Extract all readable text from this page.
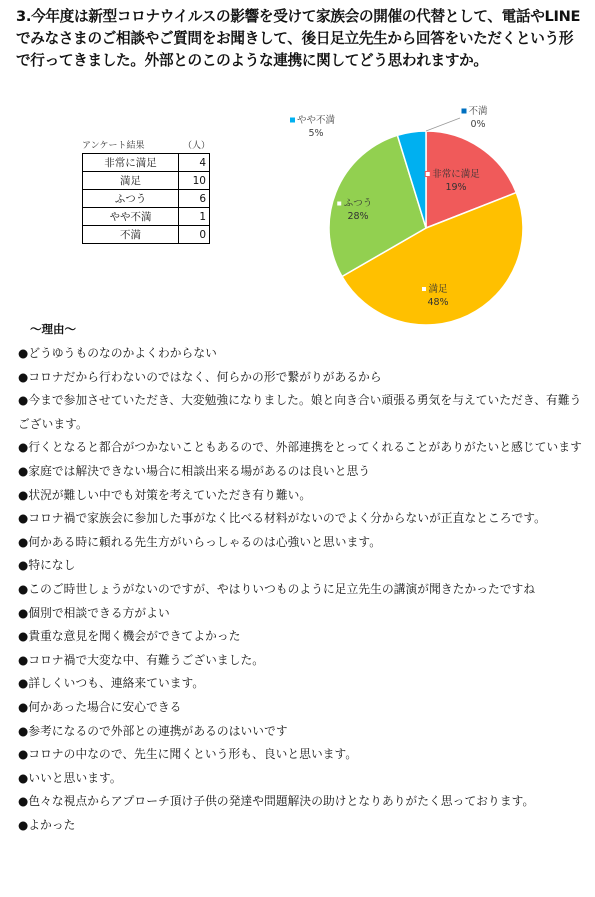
3.今年度は新型コロナウイルスの影響を受けて家族会の開催の代替として、電話やLINEでみなさまのご相談やご質問をお聞きして、後日足立先生から回答をいただくという形で行ってきました。外部とのこのような連携に関してどう思われますか。
アンケート結果	（人）
非常に満足	4
満足	10
ふつう	6
やや不満	1
不満	0
非常に満足
19%
満足
48%
ふつう
28%
やや不満
5%
不満
0%
～理由～
● どうゆうものなのかよくわからない
● コロナだから行わないのではなく、何らかの形で繋がりがあるから
● 今まで参加させていただき、大変勉強になりました。娘と向き合い頑張る勇気を与えていただき、有難うございます。
● 行くとなると都合がつかないこともあるので、外部連携をとってくれることがありがたいと感じています
● 家庭では解決できない場合に相談出来る場があるのは良いと思う
● 状況が難しい中でも対策を考えていただき有り難い。
● コロナ禍で家族会に参加した事がなく比べる材料がないのでよく分からないが正直なところです。
● 何かある時に頼れる先生方がいらっしゃるのは心強いと思います。
● 特になし
● このご時世しょうがないのですが、やはりいつものように足立先生の講演が聞きたかったですね
● 個別で相談できる方がよい
● 貴重な意見を聞く機会ができてよかった
● コロナ禍で大変な中、有難うございました。
● 詳しくいつも、連絡来ています。
● 何かあった場合に安心できる
● 参考になるので外部との連携があるのはいいです
● コロナの中なので、先生に聞くという形も、良いと思います。
● いいと思います。
● 色々な視点からアプローチ頂け子供の発達や問題解決の助けとなりありがたく思っております。
● よかった
